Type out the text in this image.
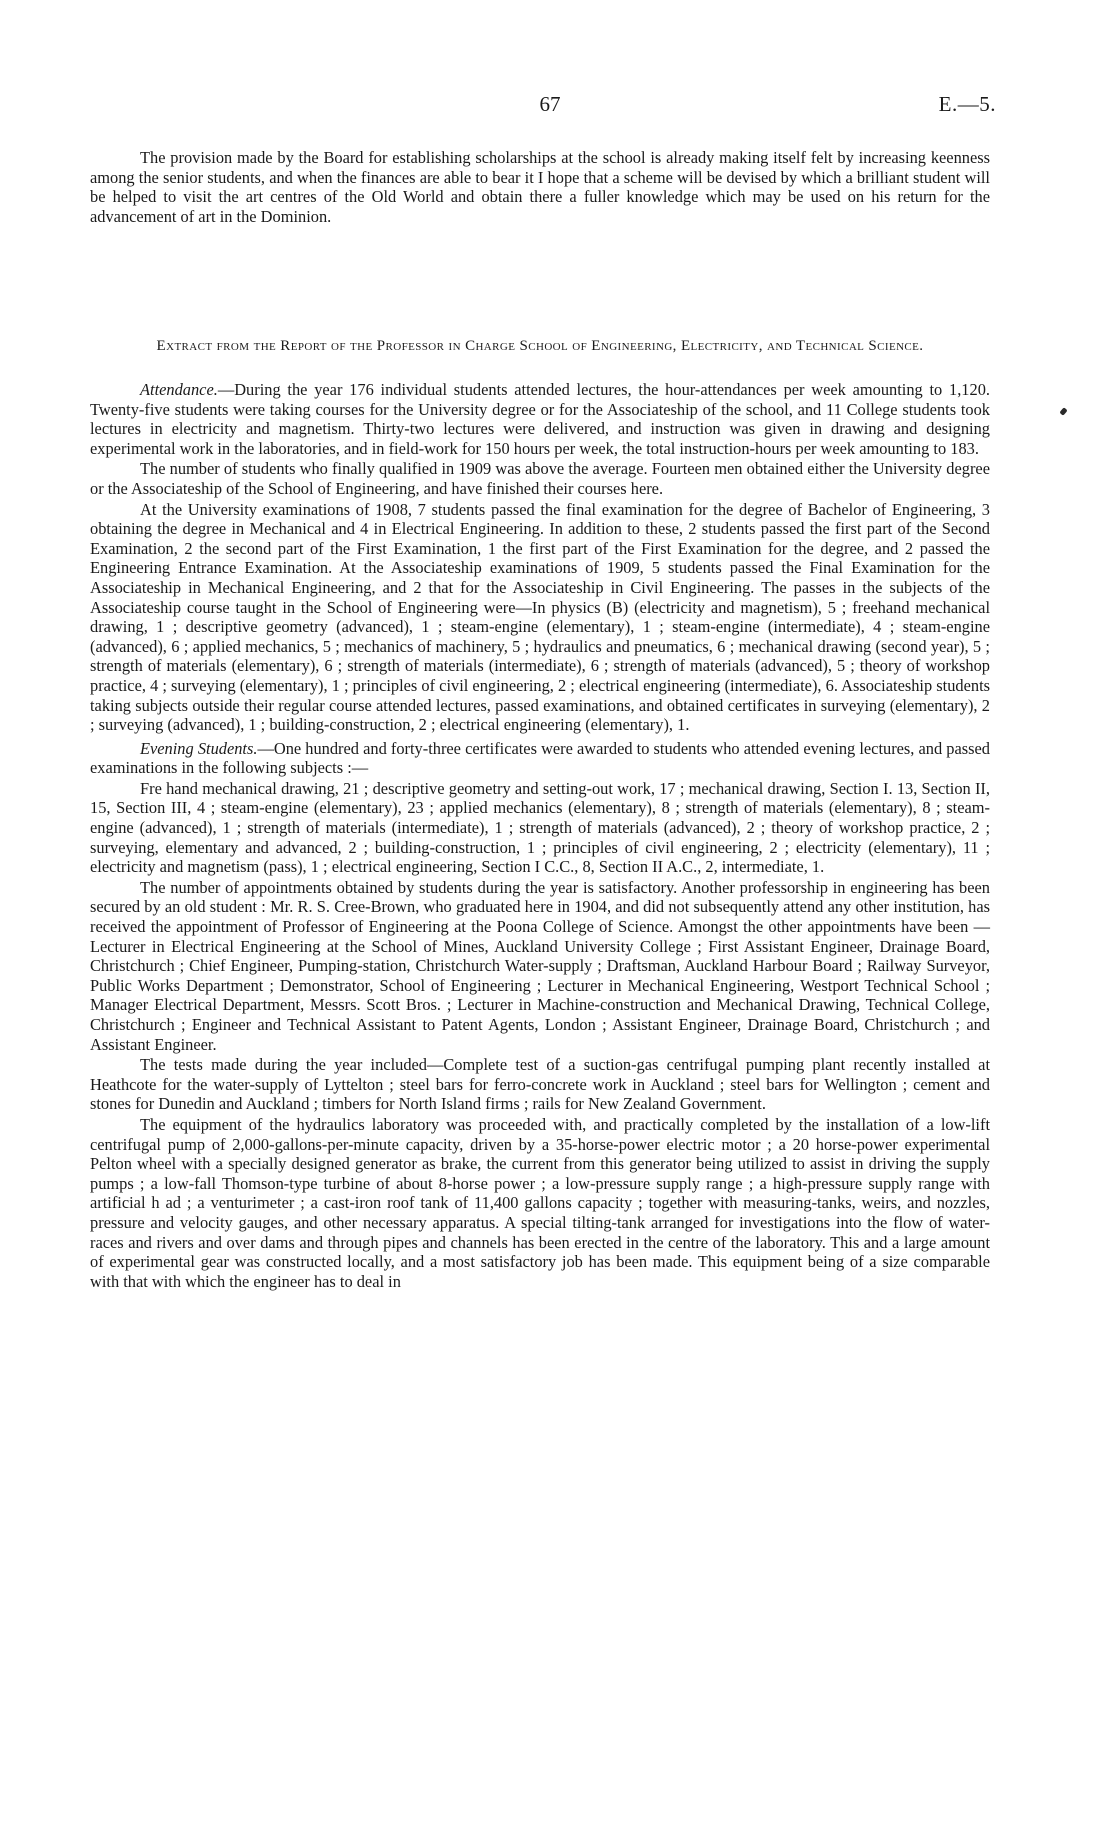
67	E.—5.

The provision made by the Board for establishing scholarships at the school is already making itself felt by increasing keenness among the senior students, and when the finances are able to bear it I hope that a scheme will be devised by which a brilliant student will be helped to visit the art centres of the Old World and obtain there a fuller knowledge which may be used on his return for the advancement of art in the Dominion.

Extract from the Report of the Professor in Charge School of Engineering, Electricity, and Technical Science.

Attendance.—During the year 176 individual students attended lectures, the hour-attendances per week amounting to 1,120. Twenty-five students were taking courses for the University degree or for the Associateship of the school, and 11 College students took lectures in electricity and magnetism. Thirty-two lectures were delivered, and instruction was given in drawing and designing experimental work in the laboratories, and in field-work for 150 hours per week, the total instruction-hours per week amounting to 183.

The number of students who finally qualified in 1909 was above the average. Fourteen men obtained either the University degree or the Associateship of the School of Engineering, and have finished their courses here.

At the University examinations of 1908, 7 students passed the final examination for the degree of Bachelor of Engineering, 3 obtaining the degree in Mechanical and 4 in Electrical Engineering. In addition to these, 2 students passed the first part of the Second Examination, 2 the second part of the First Examination, 1 the first part of the First Examination for the degree, and 2 passed the Engineering Entrance Examination. At the Associateship examinations of 1909, 5 students passed the Final Examination for the Associateship in Mechanical Engineering, and 2 that for the Associateship in Civil Engineering. The passes in the subjects of the Associateship course taught in the School of Engineering were—In physics (B) (electricity and magnetism), 5 ; freehand mechanical drawing, 1 ; descriptive geometry (advanced), 1 ; steam-engine (elementary), 1 ; steam-engine (intermediate), 4 ; steam-engine (advanced), 6 ; applied mechanics, 5 ; mechanics of machinery, 5 ; hydraulics and pneumatics, 6 ; mechanical drawing (second year), 5 ; strength of materials (elementary), 6 ; strength of materials (intermediate), 6 ; strength of materials (advanced), 5 ; theory of workshop practice, 4 ; surveying (elementary), 1 ; principles of civil engineering, 2 ; electrical engineering (intermediate), 6. Associateship students taking subjects outside their regular course attended lectures, passed examinations, and obtained certificates in surveying (elementary), 2 ; surveying (advanced), 1 ; building-construction, 2 ; electrical engineering (elementary), 1.

Evening Students.—One hundred and forty-three certificates were awarded to students who attended evening lectures, and passed examinations in the following subjects :—

Fre hand mechanical drawing, 21 ; descriptive geometry and setting-out work, 17 ; mechanical drawing, Section I. 13, Section II, 15, Section III, 4 ; steam-engine (elementary), 23 ; applied mechanics (elementary), 8 ; strength of materials (elementary), 8 ; steam-engine (advanced), 1 ; strength of materials (intermediate), 1 ; strength of materials (advanced), 2 ; theory of workshop practice, 2 ; surveying, elementary and advanced, 2 ; building-construction, 1 ; principles of civil engineering, 2 ; electricity (elementary), 11 ; electricity and magnetism (pass), 1 ; electrical engineering, Section I C.C., 8, Section II A.C., 2, intermediate, 1.

The number of appointments obtained by students during the year is satisfactory. Another professorship in engineering has been secured by an old student : Mr. R. S. Cree-Brown, who graduated here in 1904, and did not subsequently attend any other institution, has received the appointment of Professor of Engineering at the Poona College of Science. Amongst the other appointments have been —Lecturer in Electrical Engineering at the School of Mines, Auckland University College ; First Assistant Engineer, Drainage Board, Christchurch ; Chief Engineer, Pumping-station, Christchurch Water-supply ; Draftsman, Auckland Harbour Board ; Railway Surveyor, Public Works Department ; Demonstrator, School of Engineering ; Lecturer in Mechanical Engineering, Westport Technical School ; Manager Electrical Department, Messrs. Scott Bros. ; Lecturer in Machine-construction and Mechanical Drawing, Technical College, Christchurch ; Engineer and Technical Assistant to Patent Agents, London ; Assistant Engineer, Drainage Board, Christchurch ; and Assistant Engineer.

The tests made during the year included—Complete test of a suction-gas centrifugal pumping plant recently installed at Heathcote for the water-supply of Lyttelton ; steel bars for ferro-concrete work in Auckland ; steel bars for Wellington ; cement and stones for Dunedin and Auckland ; timbers for North Island firms ; rails for New Zealand Government.

The equipment of the hydraulics laboratory was proceeded with, and practically completed by the installation of a low-lift centrifugal pump of 2,000-gallons-per-minute capacity, driven by a 35-horse-power electric motor ; a 20 horse-power experimental Pelton wheel with a specially designed generator as brake, the current from this generator being utilized to assist in driving the supply pumps ; a low-fall Thomson-type turbine of about 8-horse power ; a low-pressure supply range ; a high-pressure supply range with artificial h ad ; a venturimeter ; a cast-iron roof tank of 11,400 gallons capacity ; together with measuring-tanks, weirs, and nozzles, pressure and velocity gauges, and other necessary apparatus. A special tilting-tank arranged for investigations into the flow of water-races and rivers and over dams and through pipes and channels has been erected in the centre of the laboratory. This and a large amount of experimental gear was constructed locally, and a most satisfactory job has been made. This equipment being of a size comparable with that with which the engineer has to deal in
